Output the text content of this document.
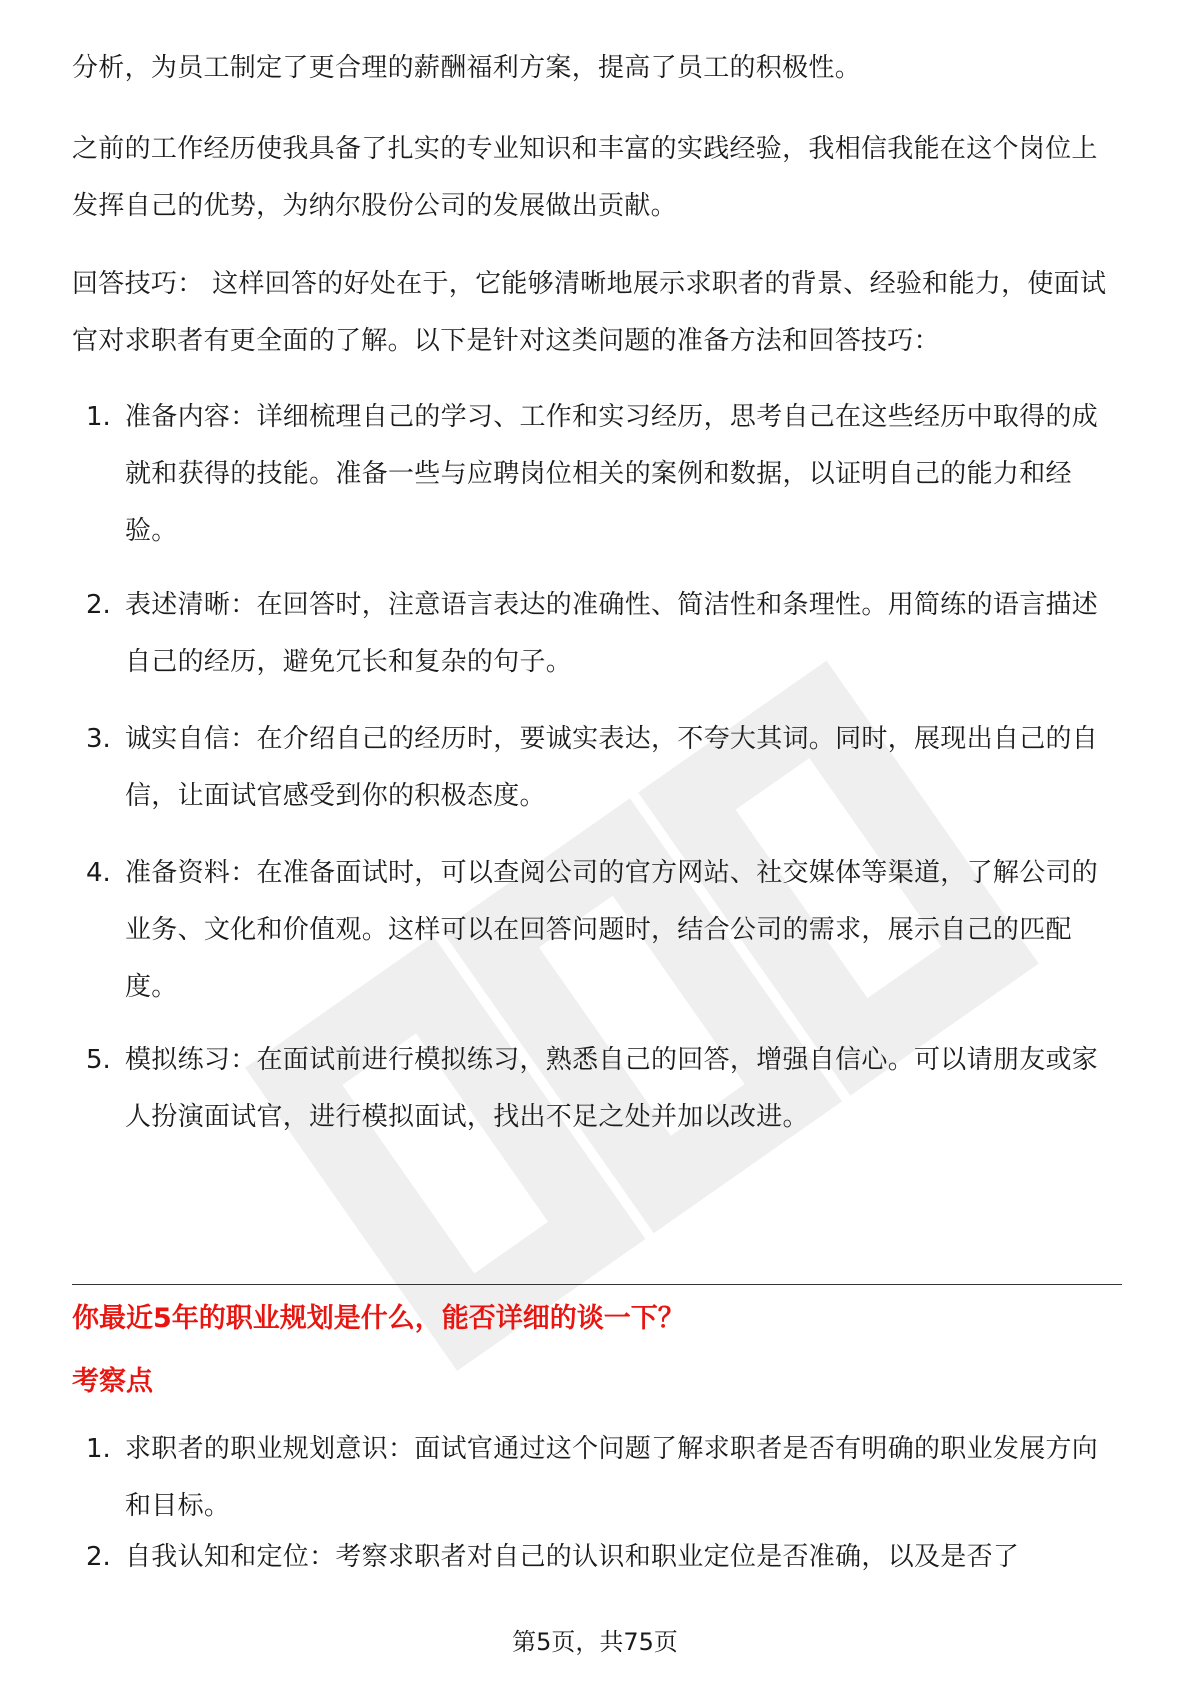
分析，为员工制定了更合理的薪酬福利方案，提高了员工的积极性。
之前的工作经历使我具备了扎实的专业知识和丰富的实践经验，我相信我能在这个岗位上发挥自己的优势，为纳尔股份公司的发展做出贡献。
回答技巧： 这样回答的好处在于，它能够清晰地展示求职者的背景、经验和能力，使面试官对求职者有更全面的了解。以下是针对这类问题的准备方法和回答技巧：
1. 准备内容：详细梳理自己的学习、工作和实习经历，思考自己在这些经历中取得的成就和获得的技能。准备一些与应聘岗位相关的案例和数据，以证明自己的能力和经验。
2. 表述清晰：在回答时，注意语言表达的准确性、简洁性和条理性。用简练的语言描述自己的经历，避免冗长和复杂的句子。
3. 诚实自信：在介绍自己的经历时，要诚实表达，不夸大其词。同时，展现出自己的自信，让面试官感受到你的积极态度。
4. 准备资料：在准备面试时，可以查阅公司的官方网站、社交媒体等渠道，了解公司的业务、文化和价值观。这样可以在回答问题时，结合公司的需求，展示自己的匹配度。
5. 模拟练习：在面试前进行模拟练习，熟悉自己的回答，增强自信心。可以请朋友或家人扮演面试官，进行模拟面试，找出不足之处并加以改进。
你最近5年的职业规划是什么，能否详细的谈一下？
考察点
1. 求职者的职业规划意识：面试官通过这个问题了解求职者是否有明确的职业发展方向和目标。
2. 自我认知和定位：考察求职者对自己的认识和职业定位是否准确，以及是否了
第5页，共75页
